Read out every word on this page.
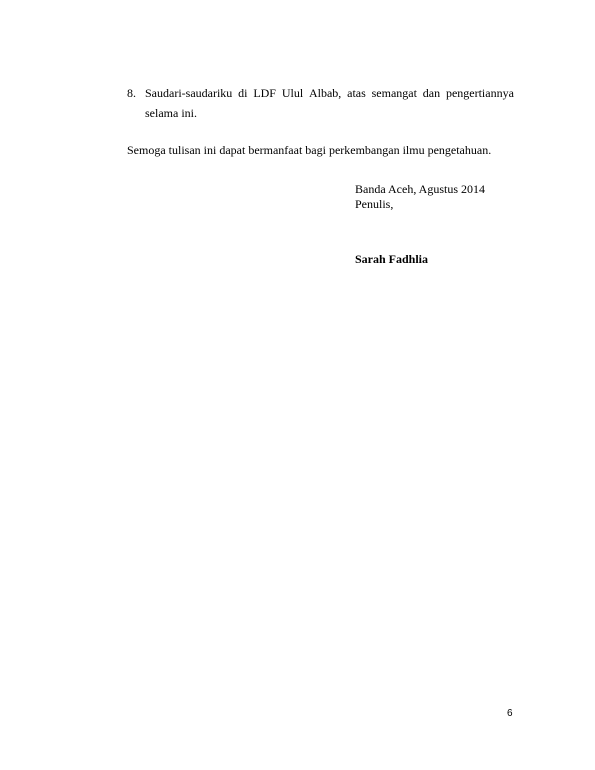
8. Saudari-saudariku di LDF Ulul Albab, atas semangat dan pengertiannya
selama ini.

Semoga tulisan ini dapat bermanfaat bagi perkembangan ilmu pengetahuan.

Banda Aceh, Agustus 2014
Penulis,
Sarah Fadhlia
6
